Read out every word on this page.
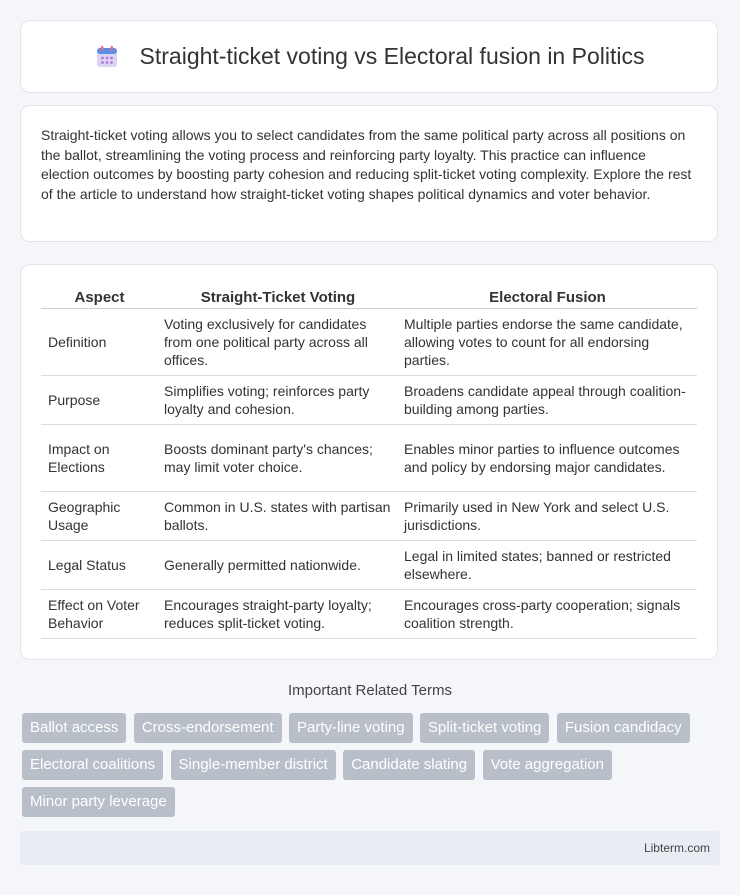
Straight-ticket voting vs Electoral fusion in Politics

Straight-ticket voting allows you to select candidates from the same political party across all positions on the ballot, streamlining the voting process and reinforcing party loyalty. This practice can influence election outcomes by boosting party cohesion and reducing split-ticket voting complexity. Explore the rest of the article to understand how straight-ticket voting shapes political dynamics and voter behavior.

Aspect	Straight-Ticket Voting	Electoral Fusion
Definition	Voting exclusively for candidates from one political party across all offices.	Multiple parties endorse the same candidate, allowing votes to count for all endorsing parties.
Purpose	Simplifies voting; reinforces party loyalty and cohesion.	Broadens candidate appeal through coalition-building among parties.
Impact on Elections	Boosts dominant party's chances; may limit voter choice.	Enables minor parties to influence outcomes and policy by endorsing major candidates.
Geographic Usage	Common in U.S. states with partisan ballots.	Primarily used in New York and select U.S. jurisdictions.
Legal Status	Generally permitted nationwide.	Legal in limited states; banned or restricted elsewhere.
Effect on Voter Behavior	Encourages straight-party loyalty; reduces split-ticket voting.	Encourages cross-party cooperation; signals coalition strength.
Important Related Terms
Ballot access Cross-endorsement Party-line voting Split-ticket voting Fusion candidacy Electoral coalitions Single-member district Candidate slating Vote aggregation Minor party leverage
Libterm.com
